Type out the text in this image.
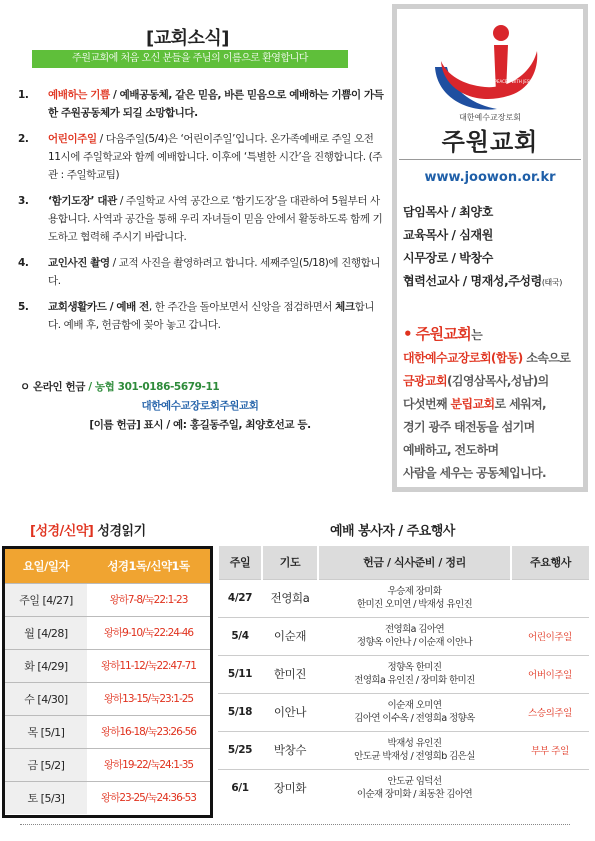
[교회소식]
주원교회에 처음 오신 분들을 주님의 이름으로 환영합니다
1.	예배하는 기쁨 / 예배공동체, 같은 믿음, 바른 믿음으로 예배하는 기쁨이 가득한 주원공동체가 되길 소망합니다.
2.	어린이주일 / 다음주일(5/4)은 ‘어린이주일’입니다. 온가족예배로 주일 오전 11시에 주일학교와 함께 예배합니다. 이후에 ‘특별한 시간’을 진행합니다. (주관 : 주일학교팀)
3.	‘함기도장’ 대관 / 주일학교 사역 공간으로 ‘함기도장’을 대관하여 5월부터 사용합니다. 사역과 공간을 통해 우리 자녀들이 믿음 안에서 활동하도록 함께 기도하고 협력해 주시기 바랍니다.
4.	교인사진 촬영 / 교적 사진을 촬영하려고 합니다. 세째주일(5/18)에 진행합니다.
5.	교회생활카드 / 예배 전, 한 주간을 돌아보면서 신앙을 점검하면서 체크합니다. 예배 후, 헌금함에 꽂아 놓고 갑니다.
ㅇ 온라인 헌금 / 농협 301-0186-5679-11
대한예수교장로회주원교회
[이름 헌금] 표시 / 예: 홍길동주일, 최양호선교 등.
FOR PEACE · WITH JESUS
대한예수교장로회
주원교회
www.joowon.or.kr
담임목사 / 최양호
교육목사 / 심재원
시무장로 / 박창수
협력선교사 / 명재성,주성령(태국)
• 주원교회는
대한예수교장로회(합동) 소속으로
금광교회(김영삼목사,성남)의
다섯번째 분립교회로 세워져,
경기 광주 태전동을 섬기며
예배하고, 전도하며
사람을 세우는 공동체입니다.
[성경/신약] 성경읽기
요일/일자	성경1독/신약1독
주일 [4/27]	왕하7-8/눅22:1-23
월 [4/28]	왕하9-10/눅22:24-46
화 [4/29]	왕하11-12/눅22:47-71
수 [4/30]	왕하13-15/눅23:1-25
목 [5/1]	왕하16-18/눅23:26-56
금 [5/2]	왕하19-22/눅24:1-35
토 [5/3]	왕하23-25/눅24:36-53
예배 봉사자 / 주요행사
주일	기도	헌금 / 식사준비 / 정리	주요행사
4/27	전영희a	우승제 장미화
한미진 오미연 / 박재성 유인진	

5/4	이순재	전영희a 김아연
정향옥 이안나 / 이순재 이안나	어린이주일
5/11	한미진	정향옥 한미진
전영희a 유인진 / 장미화 한미진	어버이주일
5/18	이안나	이순재 오미연
김아연 이수옥 / 전영희a 정향옥	스승의주일
5/25	박창수	박재성 유인진
안도균 박재성 / 전영희b 김은실	부부 주일
6/1	장미화	안도균 임덕선
이순재 장미화 / 최동찬 김아연	
